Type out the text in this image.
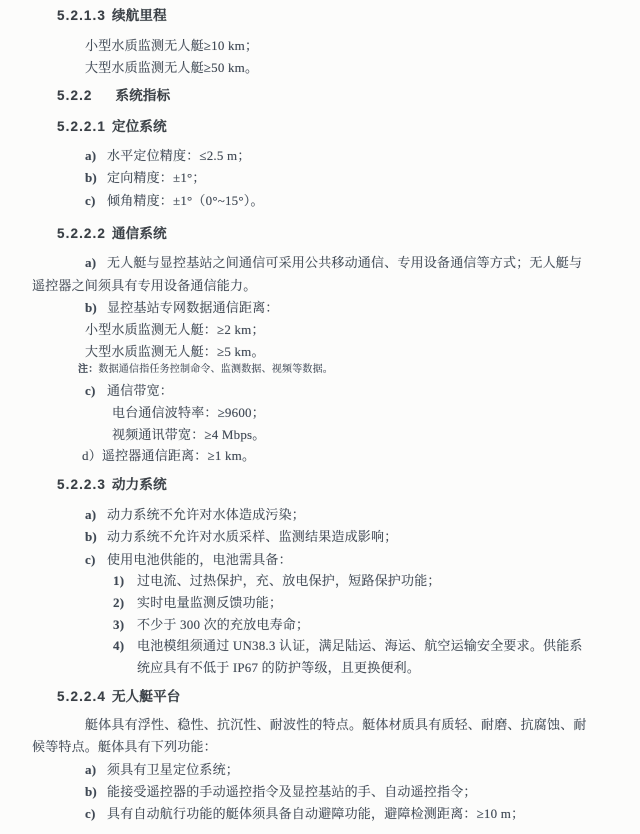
5.2.1.3 续航里程
小型水质监测无人艇≥10 km；
大型水质监测无人艇≥50 km。
5.2.2 系统指标
5.2.2.1 定位系统
a) 水平定位精度：≤2.5 m；
b) 定向精度：±1°；
c) 倾角精度：±1°（0°~15°）。
5.2.2.2 通信系统
a) 无人艇与显控基站之间通信可采用公共移动通信、专用设备通信等方式；无人艇与
遥控器之间须具有专用设备通信能力。
b) 显控基站专网数据通信距离：
小型水质监测无人艇：≥2 km；
大型水质监测无人艇：≥5 km。
注：数据通信指任务控制命令、监测数据、视频等数据。
c) 通信带宽：
电台通信波特率：≥9600；
视频通讯带宽：≥4 Mbps。
d）遥控器通信距离：≥1 km。
5.2.2.3 动力系统
a) 动力系统不允许对水体造成污染；
b) 动力系统不允许对水质采样、监测结果造成影响；
c) 使用电池供能的，电池需具备：
1) 过电流、过热保护，充、放电保护，短路保护功能；
2) 实时电量监测反馈功能；
3) 不少于 300 次的充放电寿命；
4) 电池模组须通过 UN38.3 认证，满足陆运、海运、航空运输安全要求。供能系
统应具有不低于 IP67 的防护等级，且更换便利。
5.2.2.4 无人艇平台
艇体具有浮性、稳性、抗沉性、耐波性的特点。艇体材质具有质轻、耐磨、抗腐蚀、耐
候等特点。艇体具有下列功能：
a) 须具有卫星定位系统；
b) 能接受遥控器的手动遥控指令及显控基站的手、自动遥控指令；
c) 具有自动航行功能的艇体须具备自动避障功能，避障检测距离：≥10 m；
